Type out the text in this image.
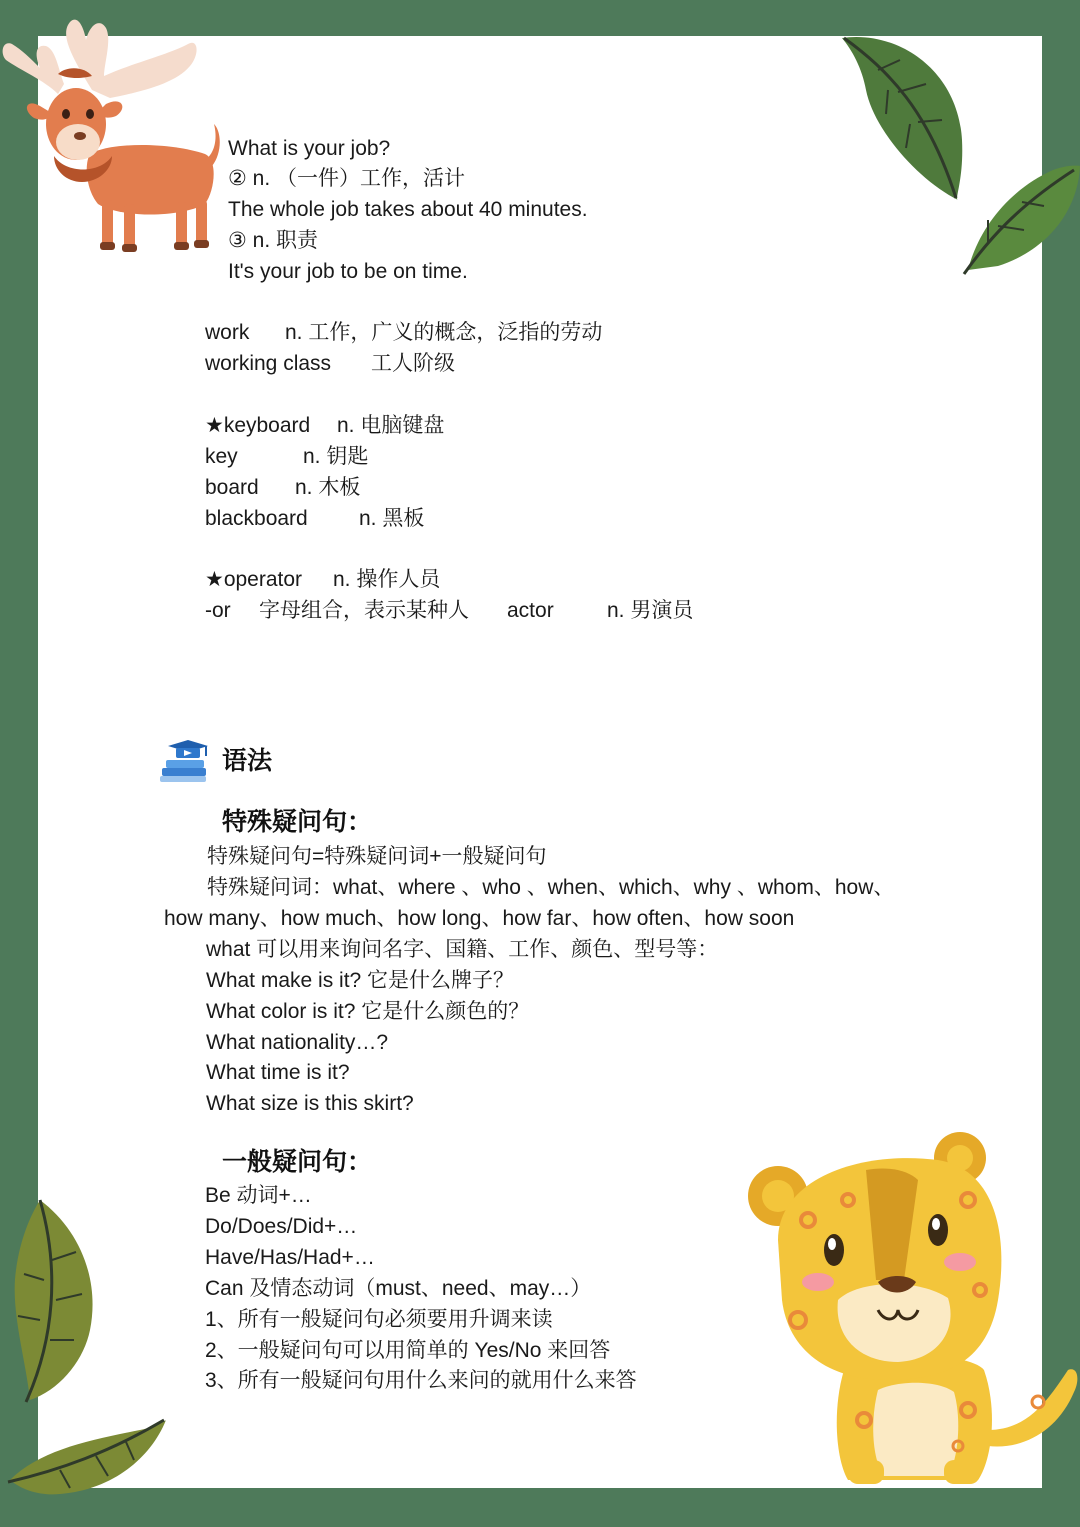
What is your job?
② n. （一件）工作，活计
The whole job takes about 40 minutes.
③ n. 职责
It's your job to be on time.
work n. 工作，广义的概念，泛指的劳动
working class 工人阶级
★keyboard n. 电脑键盘
key	n. 钥匙
board n. 木板
blackboard n. 黑板
★operator n. 操作人员
-or 字母组合，表示某种人 actor	n. 男演员
语法
特殊疑问句：
特殊疑问句=特殊疑问词+一般疑问句
特殊疑问词：what、where 、who 、when、which、why 、whom、how、
how many、how much、how long、how far、how often、how soon
what 可以用来询问名字、国籍、工作、颜色、型号等：
What make is it? 它是什么牌子？
What color is it? 它是什么颜色的？
What nationality…?
What time is it?
What size is this skirt?
一般疑问句：
Be 动词+…
Do/Does/Did+…
Have/Has/Had+…
Can 及情态动词（must、need、may…）
1、所有一般疑问句必须要用升调来读
2、一般疑问句可以用简单的 Yes/No 来回答
3、所有一般疑问句用什么来问的就用什么来答
